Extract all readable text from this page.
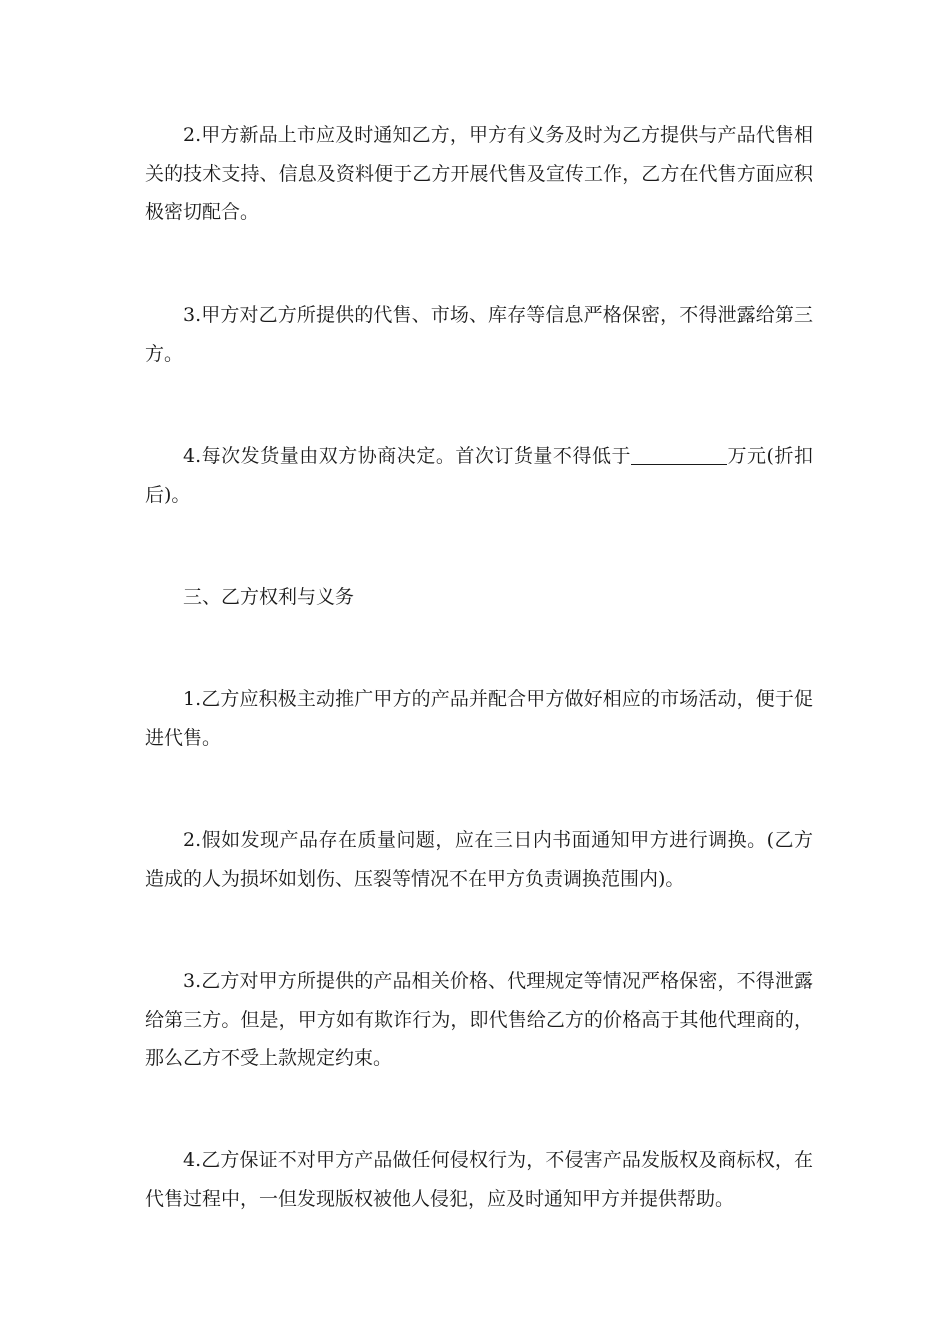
2.甲方新品上市应及时通知乙方，甲方有义务及时为乙方提供与产品代售相关的技术支持、信息及资料便于乙方开展代售及宣传工作，乙方在代售方面应积极密切配合。

3.甲方对乙方所提供的代售、市场、库存等信息严格保密，不得泄露给第三方。

4.每次发货量由双方协商决定。首次订货量不得低于	万元(折扣后)。

三、乙方权利与义务

1.乙方应积极主动推广甲方的产品并配合甲方做好相应的市场活动，便于促进代售。

2.假如发现产品存在质量问题，应在三日内书面通知甲方进行调换。(乙方造成的人为损坏如划伤、压裂等情况不在甲方负责调换范围内)。

3.乙方对甲方所提供的产品相关价格、代理规定等情况严格保密，不得泄露给第三方。但是，甲方如有欺诈行为，即代售给乙方的价格高于其他代理商的，那么乙方不受上款规定约束。

4.乙方保证不对甲方产品做任何侵权行为，不侵害产品发版权及商标权，在代售过程中，一但发现版权被他人侵犯，应及时通知甲方并提供帮助。
